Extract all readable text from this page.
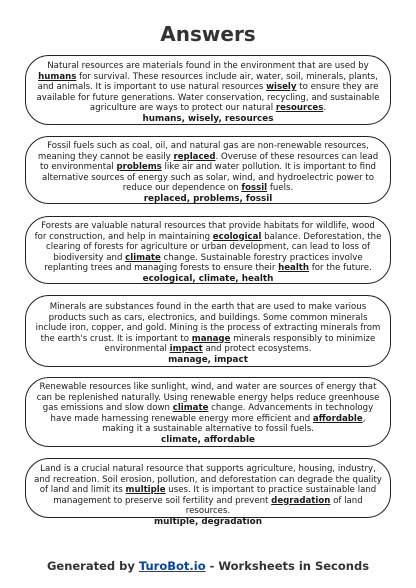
Answers

Natural resources are materials found in the environment that are used by humans for survival. These resources include air, water, soil, minerals, plants, and animals. It is important to use natural resources wisely to ensure they are available for future generations. Water conservation, recycling, and sustainable agriculture are ways to protect our natural resources.

humans, wisely, resources

Fossil fuels such as coal, oil, and natural gas are non-renewable resources, meaning they cannot be easily replaced. Overuse of these resources can lead to environmental problems like air and water pollution. It is important to find alternative sources of energy such as solar, wind, and hydroelectric power to reduce our dependence on fossil fuels.

replaced, problems, fossil

Forests are valuable natural resources that provide habitats for wildlife, wood for construction, and help in maintaining ecological balance. Deforestation, the clearing of forests for agriculture or urban development, can lead to loss of biodiversity and climate change. Sustainable forestry practices involve replanting trees and managing forests to ensure their health for the future.

ecological, climate, health

Minerals are substances found in the earth that are used to make various products such as cars, electronics, and buildings. Some common minerals include iron, copper, and gold. Mining is the process of extracting minerals from the earth's crust. It is important to manage minerals responsibly to minimize environmental impact and protect ecosystems.

manage, impact

Renewable resources like sunlight, wind, and water are sources of energy that can be replenished naturally. Using renewable energy helps reduce greenhouse gas emissions and slow down climate change. Advancements in technology have made harnessing renewable energy more efficient and affordable, making it a sustainable alternative to fossil fuels.

climate, affordable

Land is a crucial natural resource that supports agriculture, housing, industry, and recreation. Soil erosion, pollution, and deforestation can degrade the quality of land and limit its multiple uses. It is important to practice sustainable land management to preserve soil fertility and prevent degradation of land resources.

multiple, degradation

Generated by TuroBot.io - Worksheets in Seconds
